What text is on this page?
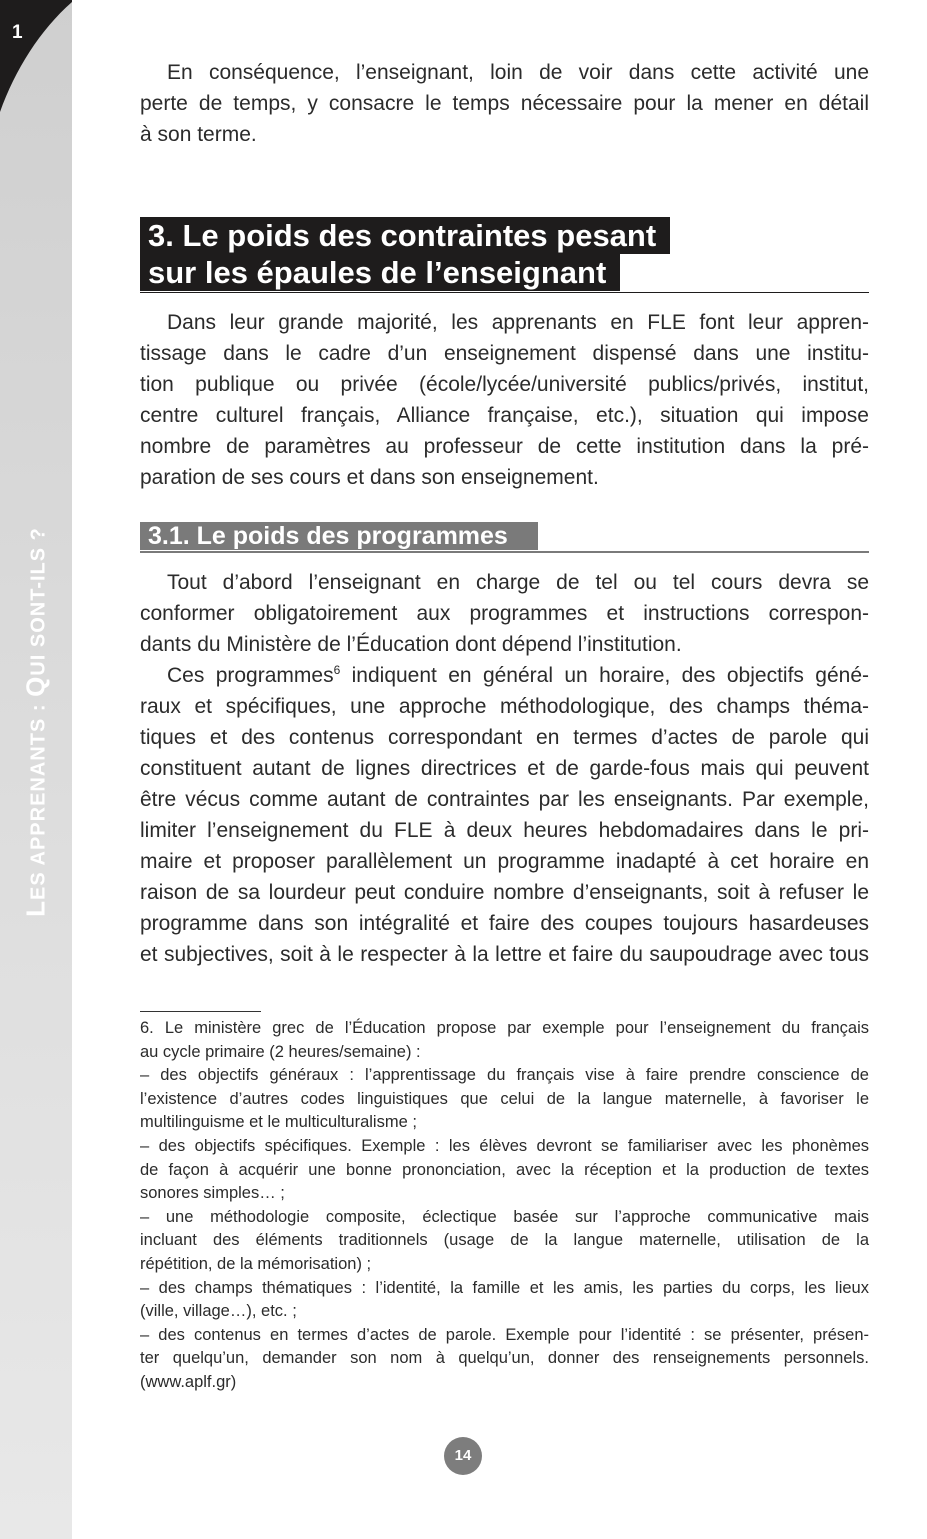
1
LES APPRENANTS : QUI SONT-ILS ?
En conséquence, l’enseignant, loin de voir dans cette activité une
perte de temps, y consacre le temps nécessaire pour la mener en détail
à son terme.
3. Le poids des contraintes pesant
sur les épaules de l’enseignant
Dans leur grande majorité, les apprenants en FLE font leur appren-
tissage dans le cadre d’un enseignement dispensé dans une institu-
tion publique ou privée (école/lycée/université publics/privés, institut,
centre culturel français, Alliance française, etc.), situation qui impose
nombre de paramètres au professeur de cette institution dans la pré-
paration de ses cours et dans son enseignement.
3.1. Le poids des programmes
Tout d’abord l’enseignant en charge de tel ou tel cours devra se
conformer obligatoirement aux programmes et instructions correspon-
dants du Ministère de l’Éducation dont dépend l’institution.
Ces programmes$^6$ indiquent en général un horaire, des objectifs géné-
raux et spécifiques, une approche méthodologique, des champs théma-
tiques et des contenus correspondant en termes d’actes de parole qui
constituent autant de lignes directrices et de garde-fous mais qui peuvent
être vécus comme autant de contraintes par les enseignants. Par exemple,
limiter l’enseignement du FLE à deux heures hebdomadaires dans le pri-
maire et proposer parallèlement un programme inadapté à cet horaire en
raison de sa lourdeur peut conduire nombre d’enseignants, soit à refuser le
programme dans son intégralité et faire des coupes toujours hasardeuses
et subjectives, soit à le respecter à la lettre et faire du saupoudrage avec tous
6. Le ministère grec de l’Éducation propose par exemple pour l’enseignement du français
au cycle primaire (2 heures/semaine) :
– des objectifs généraux : l’apprentissage du français vise à faire prendre conscience de
l’existence d’autres codes linguistiques que celui de la langue maternelle, à favoriser le
multilinguisme et le multiculturalisme ;
– des objectifs spécifiques. Exemple : les élèves devront se familiariser avec les phonèmes
de façon à acquérir une bonne prononciation, avec la réception et la production de textes
sonores simples… ;
– une méthodologie composite, éclectique basée sur l’approche communicative mais
incluant des éléments traditionnels (usage de la langue maternelle, utilisation de la
répétition, de la mémorisation) ;
– des champs thématiques : l’identité, la famille et les amis, les parties du corps, les lieux
(ville, village…), etc. ;
– des contenus en termes d’actes de parole. Exemple pour l’identité : se présenter, présen-
ter quelqu’un, demander son nom à quelqu’un, donner des renseignements personnels.
(www.aplf.gr)
14
